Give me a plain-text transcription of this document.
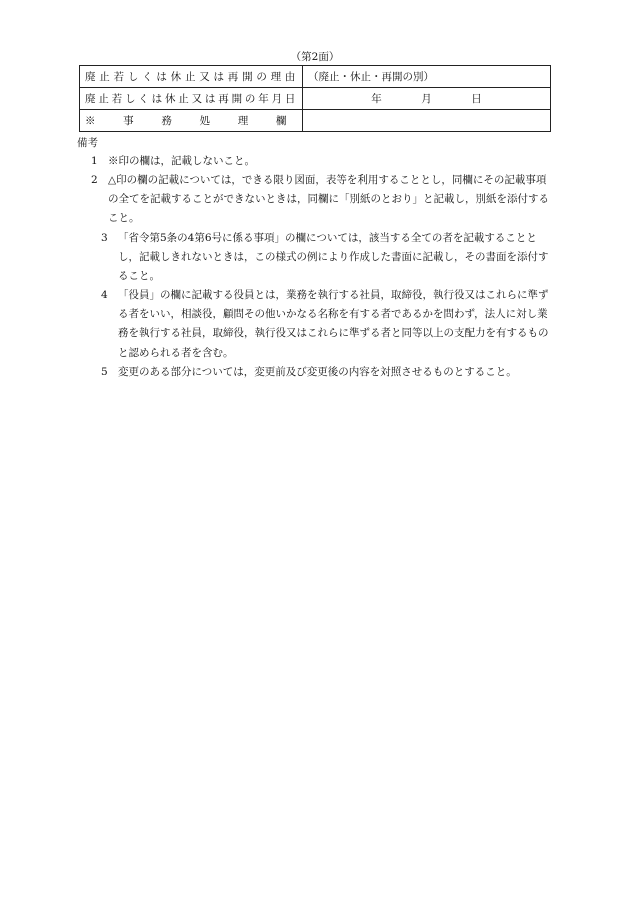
（第2面）
廃止若しくは休止又は再開の理由	（廃止・休止・再開の別）
廃止若しくは休止又は再開の年月日	年 月 日
※事務処理欄	
備考
1 ※印の欄は，記載しないこと。
2 △印の欄の記載については，できる限り図面，表等を利用することとし，同欄にその記載事項の全てを記載することができないときは，同欄に「別紙のとおり」と記載し，別紙を添付すること。
3 「省令第5条の4第6号に係る事項」の欄については，該当する全ての者を記載することとし，記載しきれないときは，この様式の例により作成した書面に記載し，その書面を添付すること。
4 「役員」の欄に記載する役員とは，業務を執行する社員，取締役，執行役又はこれらに準ずる者をいい，相談役，顧問その他いかなる名称を有する者であるかを問わず，法人に対し業務を執行する社員，取締役，執行役又はこれらに準ずる者と同等以上の支配力を有するものと認められる者を含む。
5 変更のある部分については，変更前及び変更後の内容を対照させるものとすること。
